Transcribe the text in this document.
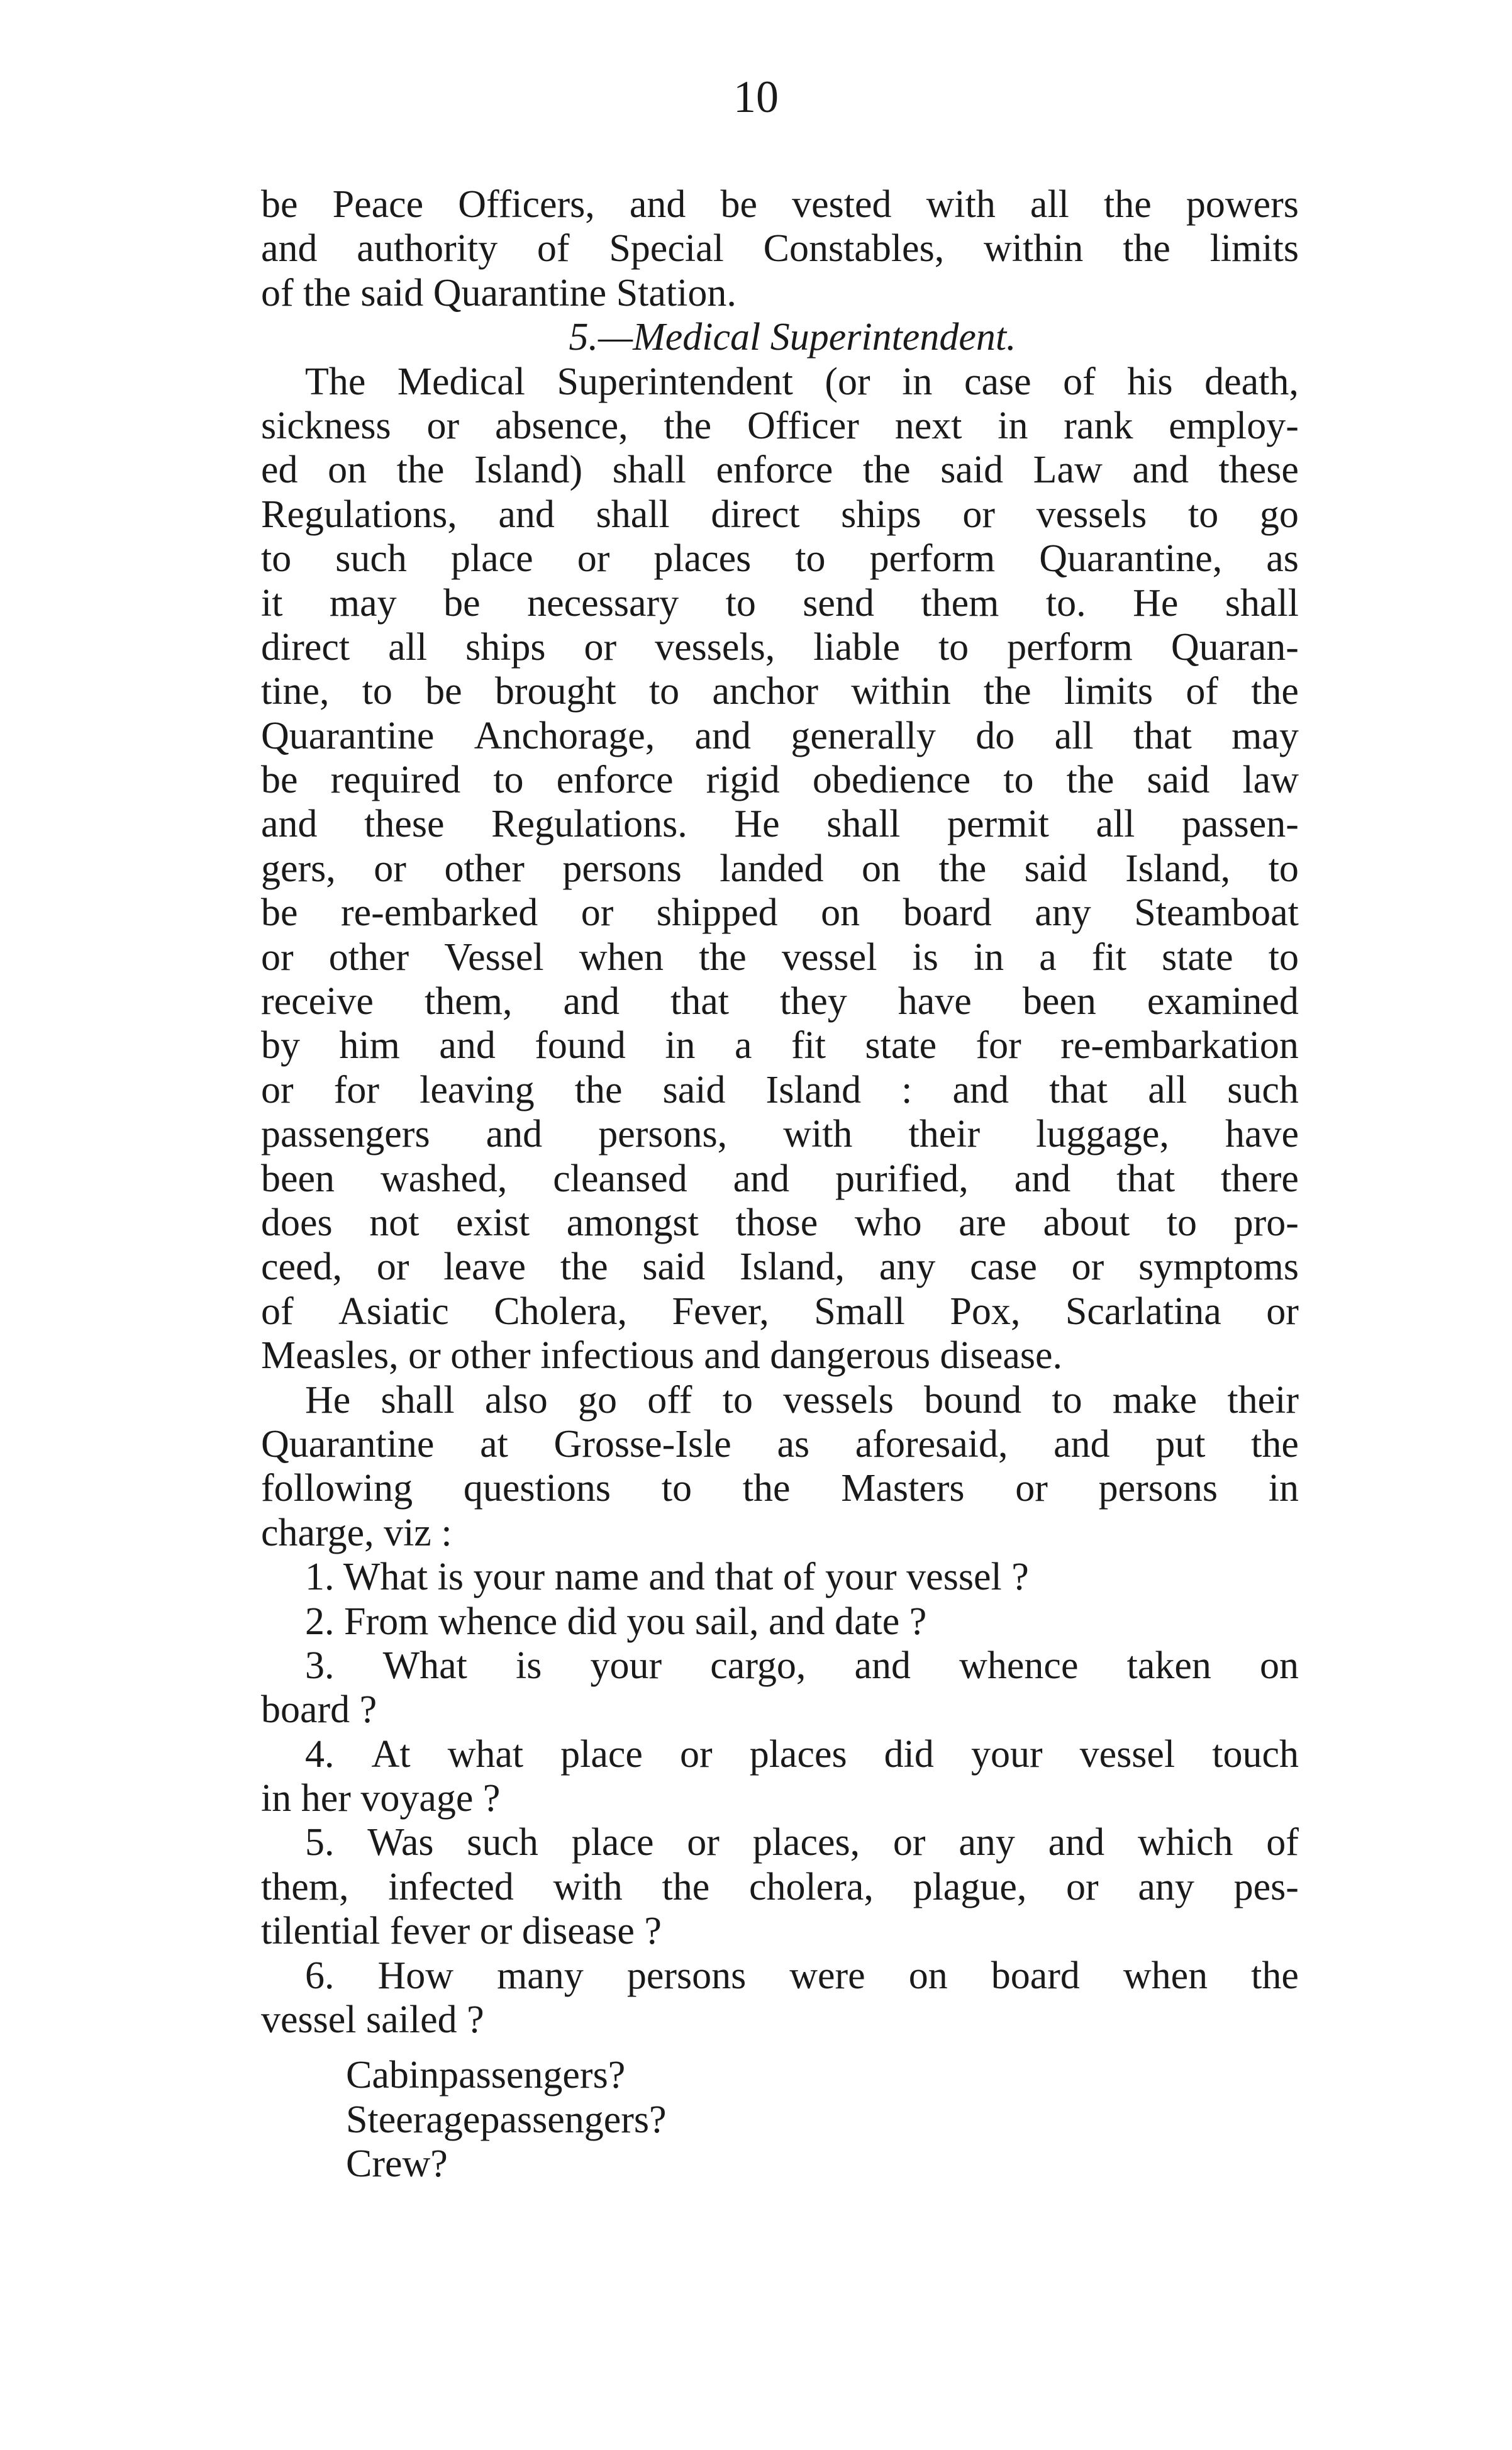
10
be Peace Officers, and be vested with all the powers
and authority of Special Constables, within the limits
of the said Quarantine Station.
5.—Medical Superintendent.
The Medical Superintendent (or in case of his death,
sickness or absence, the Officer next in rank employ-
ed on the Island) shall enforce the said Law and these
Regulations, and shall direct ships or vessels to go
to such place or places to perform Quarantine, as
it may be necessary to send them to. He shall
direct all ships or vessels, liable to perform Quaran-
tine, to be brought to anchor within the limits of the
Quarantine Anchorage, and generally do all that may
be required to enforce rigid obedience to the said law
and these Regulations. He shall permit all passen-
gers, or other persons landed on the said Island, to
be re-embarked or shipped on board any Steamboat
or other Vessel when the vessel is in a fit state to
receive them, and that they have been examined
by him and found in a fit state for re-embarkation
or for leaving the said Island : and that all such
passengers and persons, with their luggage, have
been washed, cleansed and purified, and that there
does not exist amongst those who are about to pro-
ceed, or leave the said Island, any case or symptoms
of Asiatic Cholera, Fever, Small Pox, Scarlatina or
Measles, or other infectious and dangerous disease.
He shall also go off to vessels bound to make their
Quarantine at Grosse-Isle as aforesaid, and put the
following questions to the Masters or persons in
charge, viz :
1. What is your name and that of your vessel ?
2. From whence did you sail, and date ?
3. What is your cargo, and whence taken on
board ?
4. At what place or places did your vessel touch
in her voyage ?
5. Was such place or places, or any and which of
them, infected with the cholera, plague, or any pes-
tilential fever or disease ?
6. How many persons were on board when the
vessel sailed ?
Cabin passengers ?
Steerage passengers ?
Crew ?
